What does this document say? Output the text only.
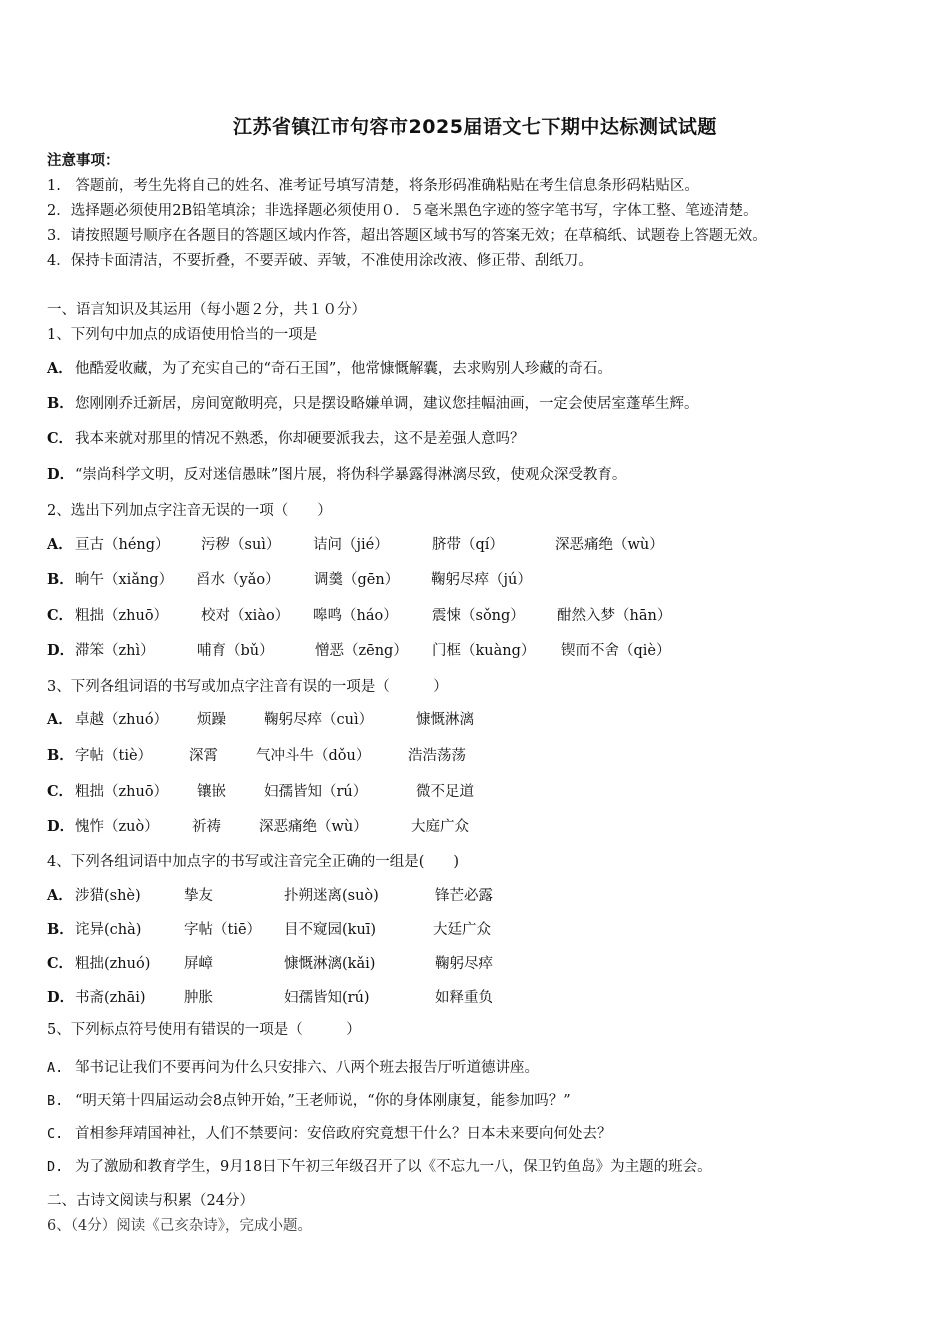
江苏省镇江市句容市2025届语文七下期中达标测试试题
注意事项：
1.　答题前，考生先将自己的姓名、准考证号填写清楚，将条形码准确粘贴在考生信息条形码粘贴区。
2．选择题必须使用2B铅笔填涂；非选择题必须使用０．５毫米黑色字迹的签字笔书写，字体工整、笔迹清楚。
3．请按照题号顺序在各题目的答题区域内作答，超出答题区域书写的答案无效；在草稿纸、试题卷上答题无效。
4．保持卡面清洁，不要折叠，不要弄破、弄皱，不准使用涂改液、修正带、刮纸刀。
一、语言知识及其运用（每小题２分，共１０分）
1、下列句中加点的成语使用恰当的一项是
A． 他酷爱收藏，为了充实自己的“奇石王国”，他常慷慨解囊，去求购别人珍藏的奇石。
B．您刚刚乔迁新居，房间宽敞明亮，只是摆设略嫌单调，建议您挂幅油画，一定会使居室蓬荜生辉。
C． 我本来就对那里的情况不熟悉，你却硬要派我去，这不是差强人意吗？
D．“崇尚科学文明，反对迷信愚昧”图片展，将伪科学暴露得淋漓尽致，使观众深受教育。
2、选出下列加点字注音无误的一项（　　）
A． 亘古（héng） 污秽（suì） 诘问（jié）	脐带（qí）	深恶痛绝（wù）
B． 晌午（xiǎng） 舀水（yǎo） 调羹（gēn） 鞠躬尽瘁（jú）
C． 粗拙（zhuō） 校对（xiào） 嗥鸣（háo） 震悚（sǒng） 酣然入梦（hān）
D． 滞笨（zhì）	哺育（bǔ）	憎恶（zēng） 门框（kuàng） 锲而不舍（qiè）
3、下列各组词语的书写或加点字注音有误的一项是（　　　）
A． 卓越（zhuó） 烦躁	鞠躬尽瘁（cuì）	慷慨淋漓
B． 字帖（tiè）	深霄	气冲斗牛（dǒu）	浩浩荡荡
C． 粗拙（zhuō） 镶嵌	妇孺皆知（rú）	微不足道
D． 愧怍（zuò） 祈祷	深恶痛绝（wù）	大庭广众
4、下列各组词语中加点字的书写或注音完全正确的一组是(　　)
A． 涉猎(shè)	挚友	扑朔迷离(suò)	锋芒必露
B． 诧异(chà)	字帖（tiē） 目不窥园(kuī)	大廷广众
C． 粗拙(zhuó) 屏嶂	慷慨淋漓(kǎi)	鞠躬尽瘁
D． 书斋(zhāi)	肿胀	妇孺皆知(rú)	如释重负
5、下列标点符号使用有错误的一项是（　　　）
A. 邹书记让我们不要再问为什么只安排六、八两个班去报告厅听道德讲座。
B. “明天第十四届运动会8点钟开始，”王老师说，“你的身体刚康复，能参加吗？”
C. 首相参拜靖国神社，人们不禁要问：安倍政府究竟想干什么？日本未来要向何处去？
D. 为了激励和教育学生，9月18日下午初三年级召开了以《不忘九一八，保卫钓鱼岛》为主题的班会。
二、古诗文阅读与积累（24分）
6、（4分）阅读《己亥杂诗》，完成小题。
